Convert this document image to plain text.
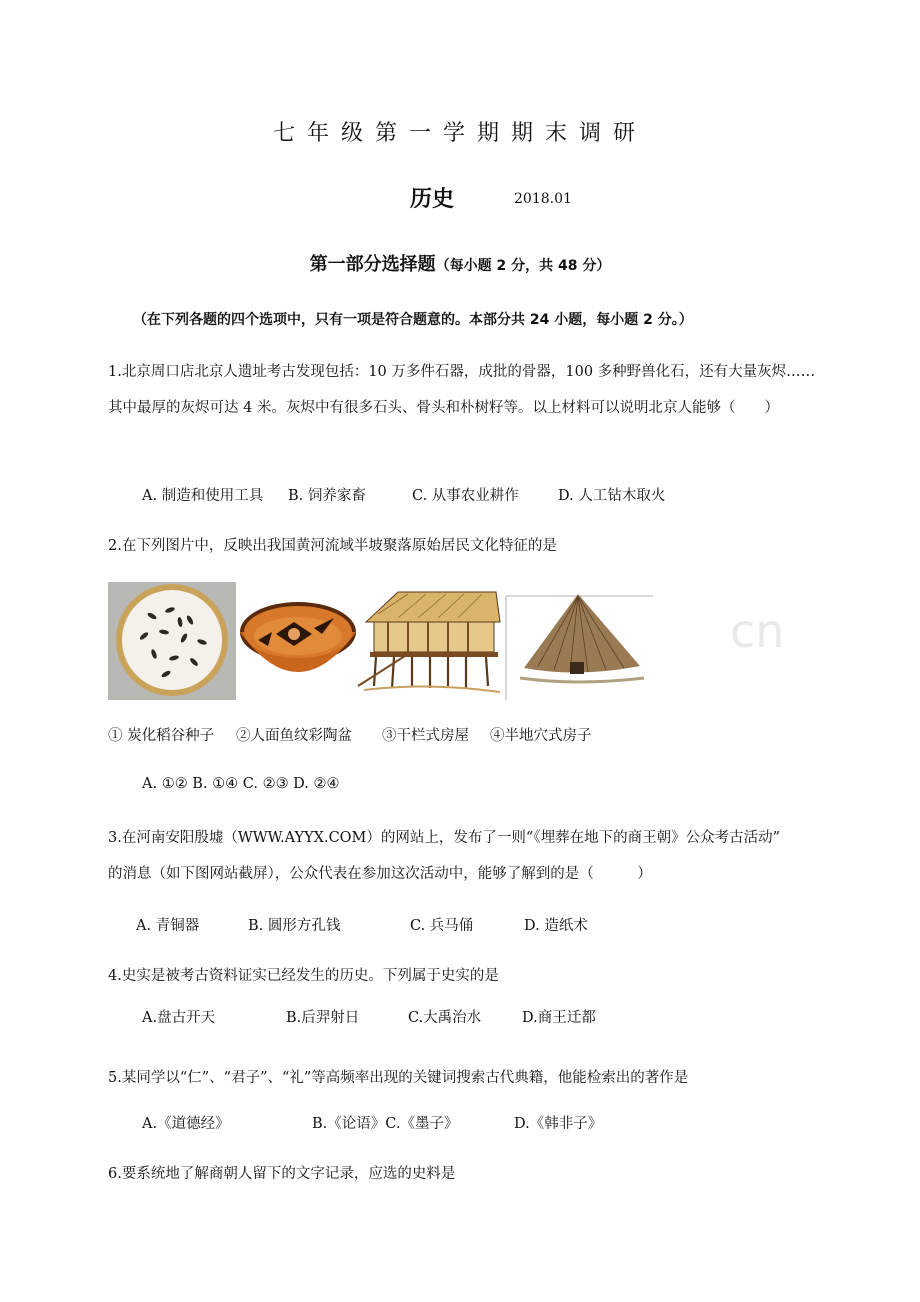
七年级第一学期期末调研
历史	2018.01
第一部分选择题（每小题 2 分，共 48 分）
（在下列各题的四个选项中，只有一项是符合题意的。本部分共 24 小题，每小题 2 分。）
1.北京周口店北京人遗址考古发现包括：10 万多件石器，成批的骨器，100 多种野兽化石，还有大量灰烬……其中最厚的灰烬可达 4 米。灰烬中有很多石头、骨头和朴树籽等。以上材料可以说明北京人能够（　　）
A. 制造和使用工具 B. 饲养家畜	C. 从事农业耕作	D. 人工钻木取火
2.在下列图片中，反映出我国黄河流域半坡聚落原始居民文化特征的是
cn
① 炭化稻谷种子 ②人面鱼纹彩陶盆 ③干栏式房屋 ④半地穴式房子
A. ①② B. ①④ C. ②③ D. ②④
3.在河南安阳殷墟（WWW.AYYX.COM）的网站上，发布了一则“《埋葬在地下的商王朝》公众考古活动”
的消息（如下图网站截屏），公众代表在参加这次活动中，能够了解到的是（　　　）
A. 青铜器	B. 圆形方孔钱	C. 兵马俑	D. 造纸术
4.史实是被考古资料证实已经发生的历史。下列属于史实的是
A.盘古开天	B.后羿射日	C.大禹治水	D.商王迁都
5.某同学以“仁”、“君子”、“礼”等高频率出现的关键词搜索古代典籍，他能检索出的著作是
A.《道德经》	B.《论语》C.《墨子》	D.《韩非子》
6.要系统地了解商朝人留下的文字记录，应选的史料是
